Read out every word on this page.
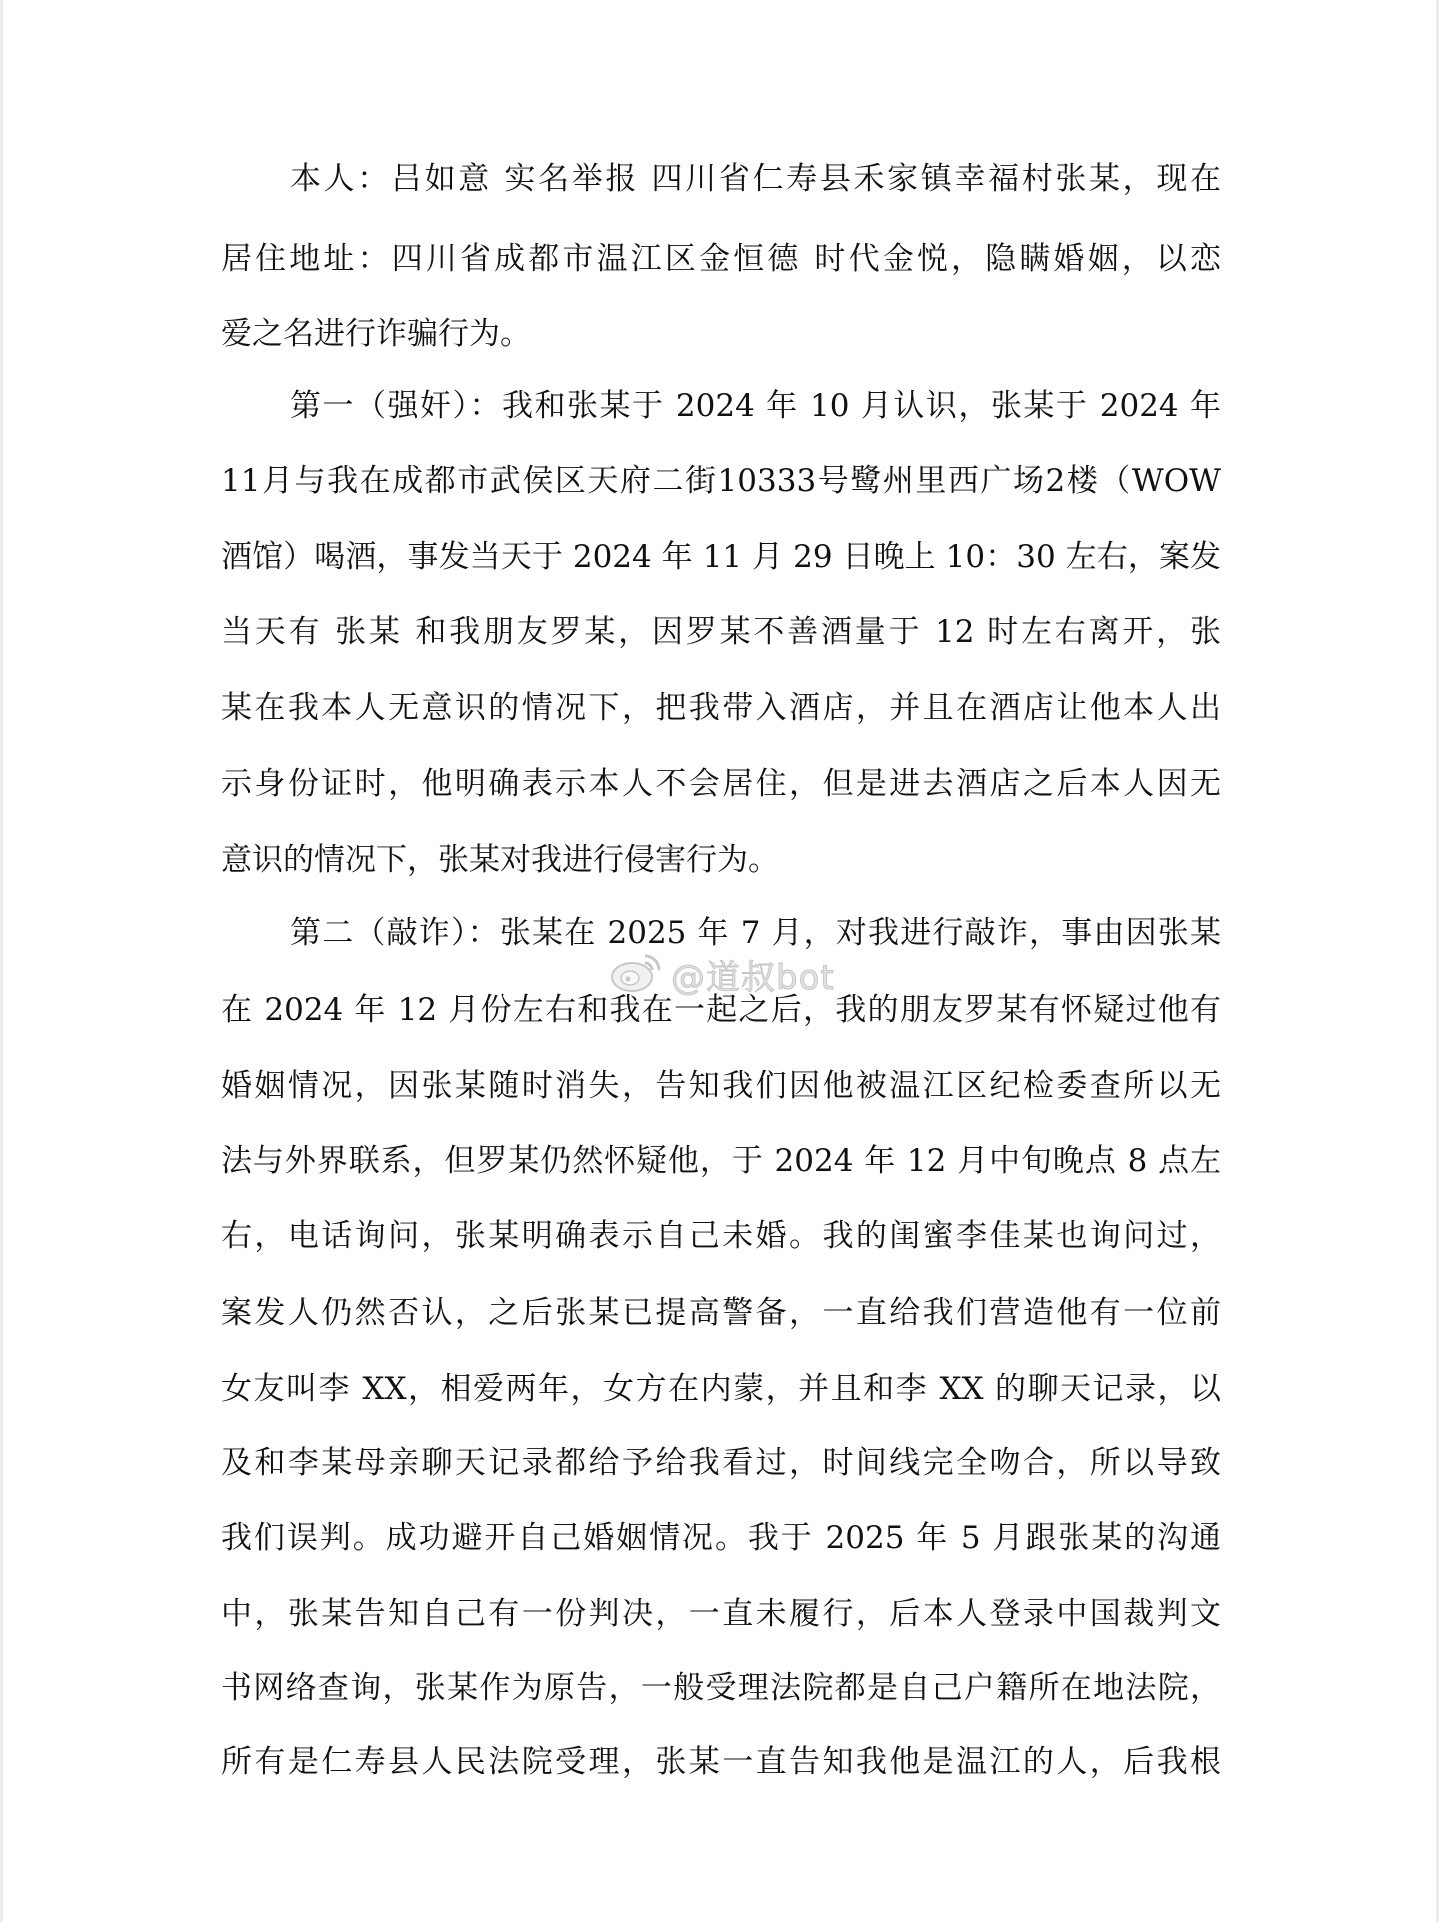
本人：吕如意 实名举报 四川省仁寿县禾家镇幸福村张某，现在
居住地址：四川省成都市温江区金恒德 时代金悦，隐瞒婚姻，以恋
爱之名进行诈骗行为。
第一（强奸）：我和张某于 2024 年 10 月认识，张某于 2024 年
11月与我在成都市武侯区天府二街10333号鹭州里西广场2楼（WOW
酒馆）喝酒，事发当天于 2024 年 11 月 29 日晚上 10：30 左右，案发
当天有 张某 和我朋友罗某，因罗某不善酒量于 12 时左右离开，张
某在我本人无意识的情况下，把我带入酒店，并且在酒店让他本人出
示身份证时，他明确表示本人不会居住，但是进去酒店之后本人因无
意识的情况下，张某对我进行侵害行为。
第二（敲诈）：张某在 2025 年 7 月，对我进行敲诈，事由因张某
在 2024 年 12 月份左右和我在一起之后，我的朋友罗某有怀疑过他有
婚姻情况，因张某随时消失，告知我们因他被温江区纪检委查所以无
法与外界联系，但罗某仍然怀疑他，于 2024 年 12 月中旬晚点 8 点左
右，电话询问，张某明确表示自己未婚。我的闺蜜李佳某也询问过，
案发人仍然否认，之后张某已提高警备，一直给我们营造他有一位前
女友叫李 XX，相爱两年，女方在内蒙，并且和李 XX 的聊天记录，以
及和李某母亲聊天记录都给予给我看过，时间线完全吻合，所以导致
我们误判。成功避开自己婚姻情况。我于 2025 年 5 月跟张某的沟通
中，张某告知自己有一份判决，一直未履行，后本人登录中国裁判文
书网络查询，张某作为原告，一般受理法院都是自己户籍所在地法院，
所有是仁寿县人民法院受理，张某一直告知我他是温江的人，后我根
@道叔bot
